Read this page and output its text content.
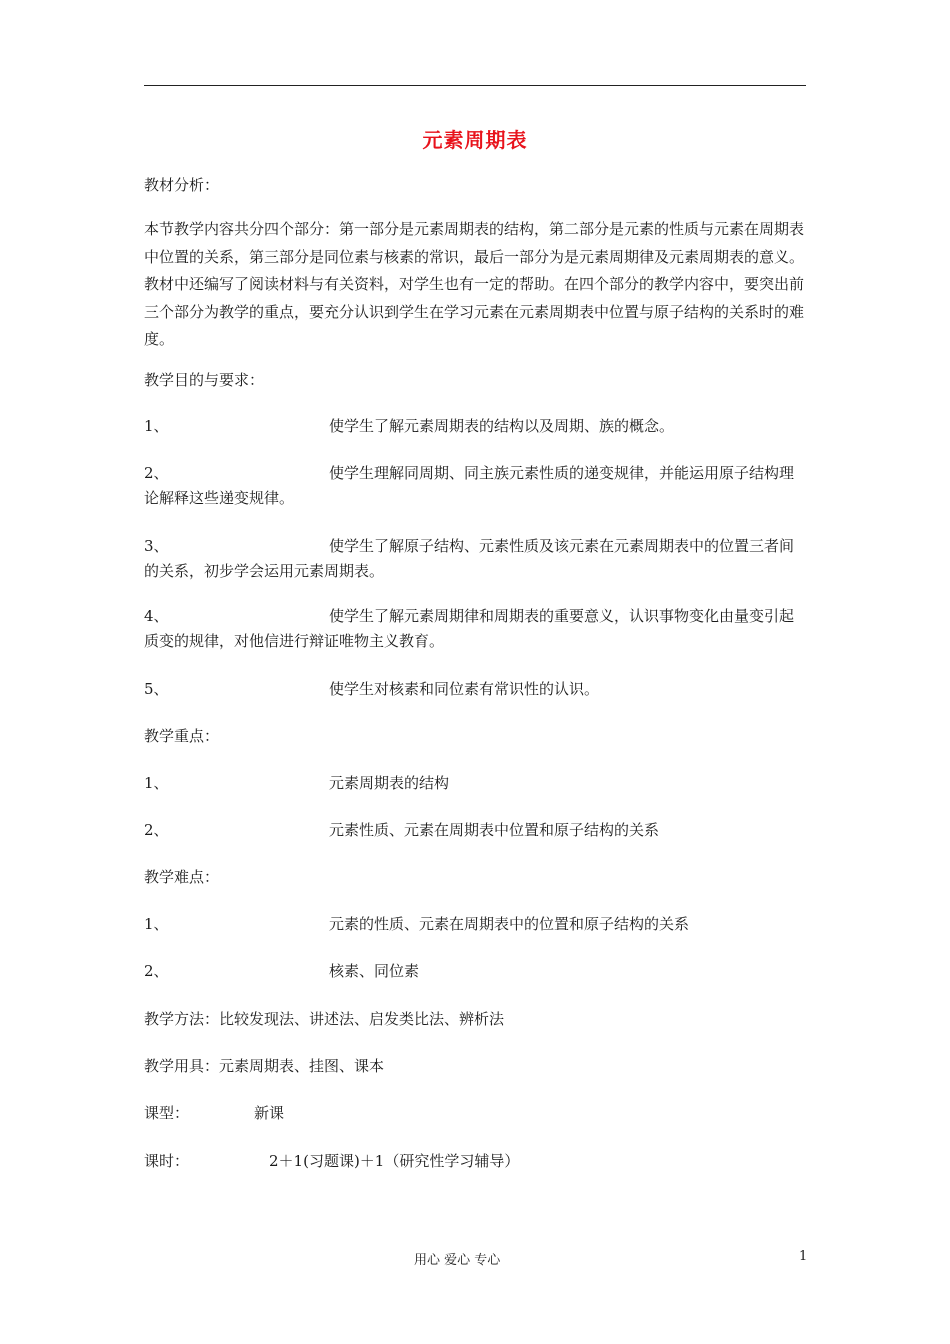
元素周期表
教材分析：
本节教学内容共分四个部分：第一部分是元素周期表的结构，第二部分是元素的性质与元素在周期表中位置的关系，第三部分是同位素与核素的常识，最后一部分为是元素周期律及元素周期表的意义。教材中还编写了阅读材料与有关资料，对学生也有一定的帮助。在四个部分的教学内容中，要突出前三个部分为教学的重点，要充分认识到学生在学习元素在元素周期表中位置与原子结构的关系时的难度。
教学目的与要求：
1、	使学生了解元素周期表的结构以及周期、族的概念。
2、	使学生理解同周期、同主族元素性质的递变规律，并能运用原子结构理论解释这些递变规律。
3、	使学生了解原子结构、元素性质及该元素在元素周期表中的位置三者间的关系，初步学会运用元素周期表。
4、	使学生了解元素周期律和周期表的重要意义，认识事物变化由量变引起质变的规律，对他信进行辩证唯物主义教育。
5、	使学生对核素和同位素有常识性的认识。
教学重点：
1、	元素周期表的结构
2、	元素性质、元素在周期表中位置和原子结构的关系
教学难点：
1、	元素的性质、元素在周期表中的位置和原子结构的关系
2、	核素、同位素
教学方法：比较发现法、讲述法、启发类比法、辨析法
教学用具：元素周期表、挂图、课本
课型：	新课
课时：	2＋1(习题课)＋1（研究性学习辅导）
用心 爱心 专心	1
